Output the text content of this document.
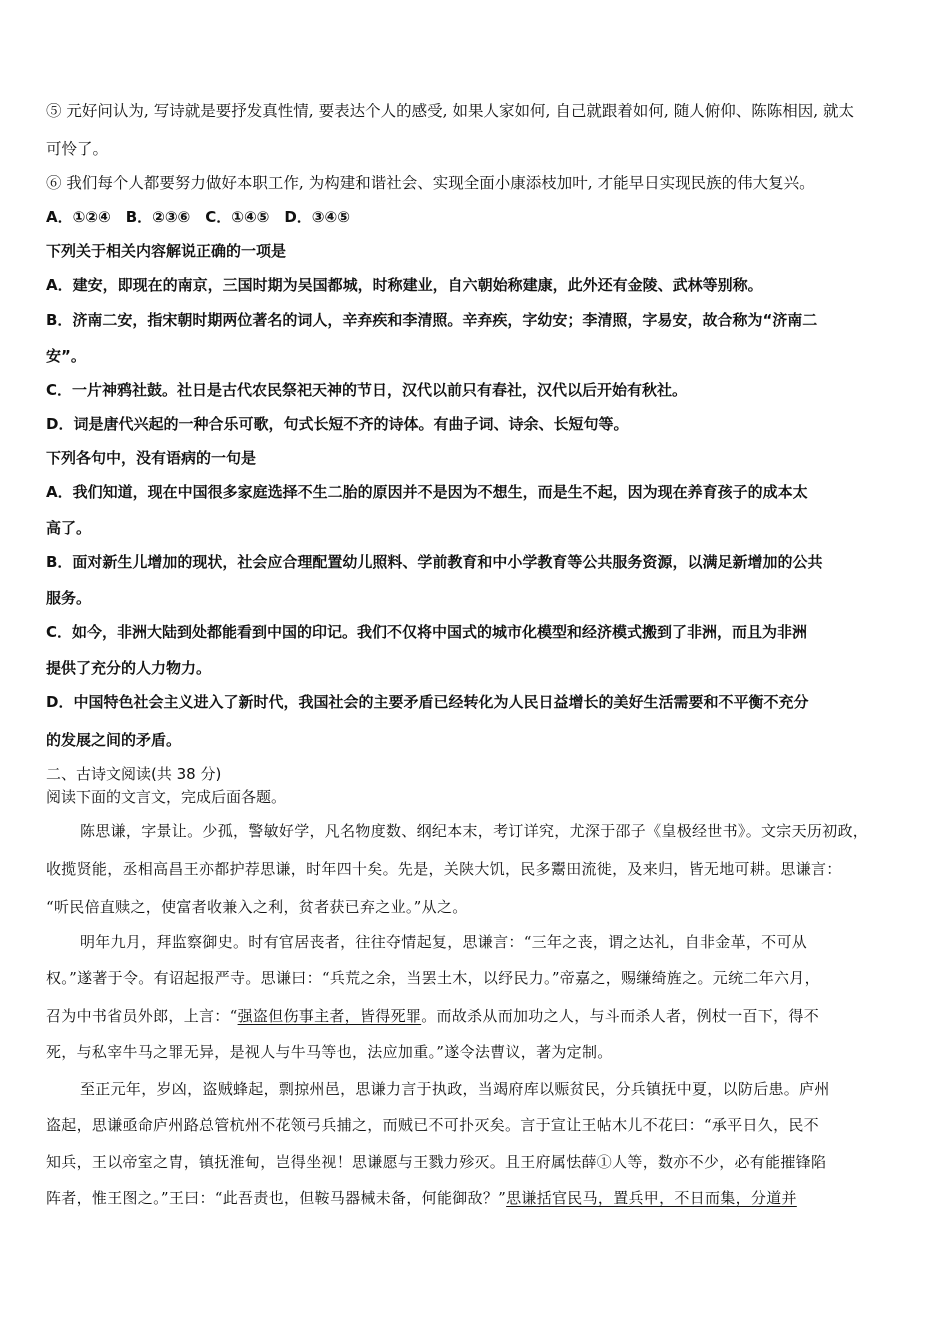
⑤ 元好问认为, 写诗就是要抒发真性情, 要表达个人的感受, 如果人家如何, 自己就跟着如何, 随人俯仰、陈陈相因, 就太
可怜了。
⑥ 我们每个人都要努力做好本职工作, 为构建和谐社会、实现全面小康添枝加叶, 才能早日实现民族的伟大复兴。
A．①②④　B．②③⑥　C．①④⑤　D．③④⑤
下列关于相关内容解说正确的一项是
A．建安，即现在的南京，三国时期为吴国都城，时称建业，自六朝始称建康，此外还有金陵、武林等别称。
B．济南二安，指宋朝时期两位著名的词人，辛弃疾和李清照。辛弃疾，字幼安；李清照，字易安，故合称为“济南二
安”。
C．一片神鸦社鼓。社日是古代农民祭祀天神的节日，汉代以前只有春社，汉代以后开始有秋社。
D．词是唐代兴起的一种合乐可歌，句式长短不齐的诗体。有曲子词、诗余、长短句等。
下列各句中，没有语病的一句是
A．我们知道，现在中国很多家庭选择不生二胎的原因并不是因为不想生，而是生不起，因为现在养育孩子的成本太
高了。
B．面对新生儿增加的现状，社会应合理配置幼儿照料、学前教育和中小学教育等公共服务资源，以满足新增加的公共
服务。
C．如今，非洲大陆到处都能看到中国的印记。我们不仅将中国式的城市化模型和经济模式搬到了非洲，而且为非洲
提供了充分的人力物力。
D．中国特色社会主义进入了新时代，我国社会的主要矛盾已经转化为人民日益增长的美好生活需要和不平衡不充分
的发展之间的矛盾。
二、古诗文阅读(共 38 分)
阅读下面的文言文，完成后面各题。
陈思谦，字景让。少孤，警敏好学，凡名物度数、纲纪本末，考订详究，尤深于邵子《皇极经世书》。文宗天历初政，
收揽贤能，丞相高昌王亦都护荐思谦，时年四十矣。先是，关陕大饥，民多鬻田流徙，及来归，皆无地可耕。思谦言：
“听民倍直赎之，使富者收兼入之利，贫者获已弃之业。”从之。
明年九月，拜监察御史。时有官居丧者，往往夺情起复，思谦言：“三年之丧，谓之达礼，自非金革，不可从
权。”遂著于令。有诏起报严寺。思谦曰：“兵荒之余，当罢土木，以纾民力。”帝嘉之，赐缣绮旌之。元统二年六月，
召为中书省员外郎，上言：“强盗但伤事主者，皆得死罪。而故杀从而加功之人，与斗而杀人者，例杖一百下，得不
死，与私宰牛马之罪无异，是视人与牛马等也，法应加重。”遂令法曹议，著为定制。
至正元年，岁凶，盗贼蜂起，剽掠州邑，思谦力言于执政，当竭府库以赈贫民，分兵镇抚中夏，以防后患。庐州
盗起，思谦亟命庐州路总管杭州不花领弓兵捕之，而贼已不可扑灭矣。言于宣让王帖木儿不花曰：“承平日久，民不
知兵，王以帝室之胄，镇抚淮甸，岂得坐视！思谦愿与王戮力殄灭。且王府属怯薛①人等，数亦不少，必有能摧锋陷
阵者，惟王图之。”王曰：“此吾责也，但鞍马器械未备，何能御敌？”思谦括官民马，置兵甲，不日而集，分道并
